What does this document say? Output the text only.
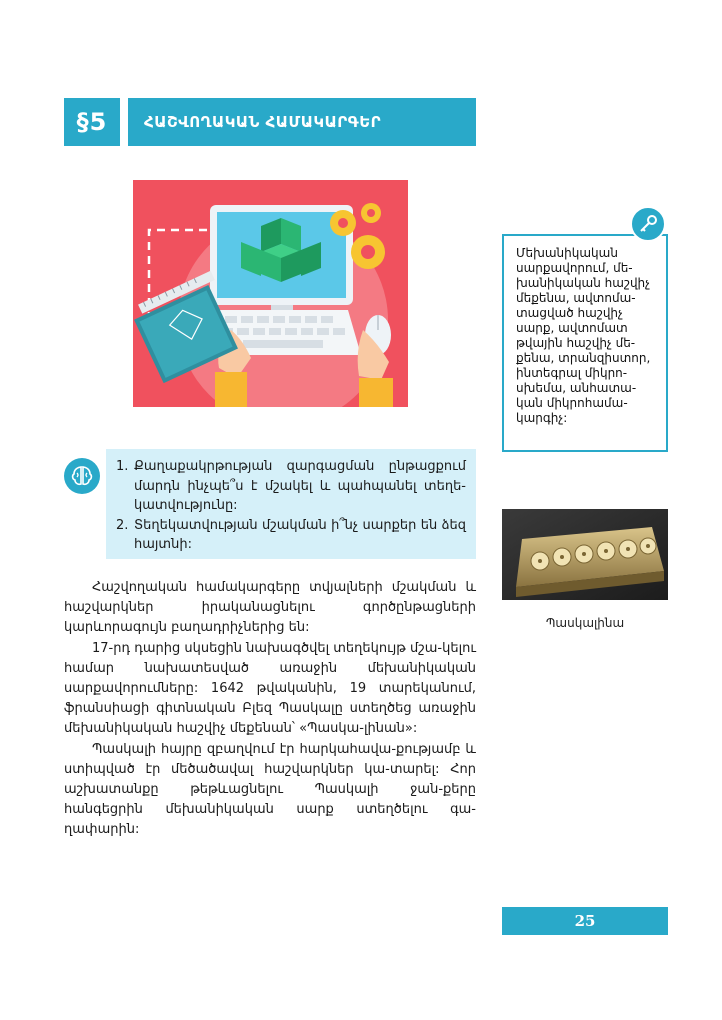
§5	ՀԱՇՎՈՂԱԿԱՆ ՀԱՄԱԿԱՐԳԵՐ
Մեխանիկական սարքավորում, մե-խանիկական հաշվիչ մեքենա, ավտոմա-տացված հաշվիչ սարք, ավտոմատ թվային հաշվիչ մե-քենա, տրանզիստոր, ինտեգրալ միկրո-սխեմա, անհատա-կան միկրոհամա-կարգիչ:
Պասկալինա
1. Քաղաքակրթության զարգացման ընթացքում մարդն ինչպե՞ս է մշակել և պահպանել տեղե-կատվությունը:
2. Տեղեկատվության մշակման ի՞նչ սարքեր են ձեզ հայտնի:

Հաշվողական համակարգերը տվյալների մշակման և հաշվարկներ իրականացնելու գործընթացների կարևորագույն բաղադրիչներից են:

17-րդ դարից սկսեցին նախագծվել տեղեկույթ մշա-կելու համար նախատեսված առաջին մեխանիկական սարքավորումները: 1642 թվականին, 19 տարեկանում, ֆրանսիացի գիտնական Բլեզ Պասկալը ստեղծեց առաջին մեխանիկական հաշվիչ մեքենան՝ «Պասկա-լինան»:

Պասկալի հայրը զբաղվում էր հարկահավա-քությամբ և ստիպված էր մեծածավալ հաշվարկներ կա-տարել: Հոր աշխատանքը թեթևացնելու Պասկալի ջան-քերը հանգեցրին մեխանիկական սարք ստեղծելու գա-ղափարին:

25
